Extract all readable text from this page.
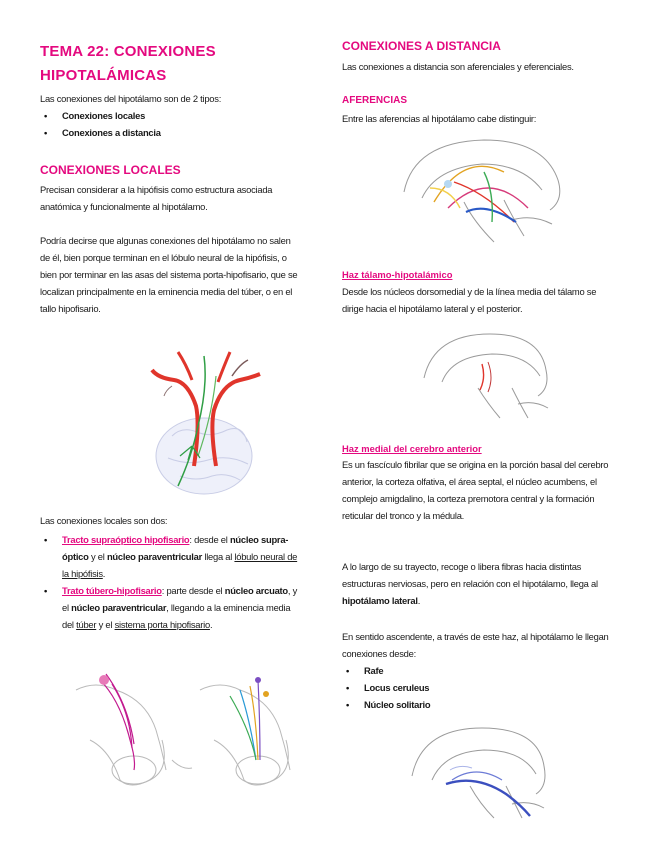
TEMA 22: CONEXIONES
HIPOTALÁMICAS
Las conexiones del hipotálamo son de 2 tipos:
• Conexiones locales
• Conexiones a distancia
CONEXIONES LOCALES
Precisan considerar a la hipófisis como estructura asociada anatómica y funcionalmente al hipotálamo.
Podría decirse que algunas conexiones del hipotálamo no salen de él, bien porque terminan en el lóbulo neural de la hipófisis, o bien por terminar en las asas del sistema porta-hipofisario, que se localizan principalmente en la eminencia media del túber, o en el tallo hipofisario.
Las conexiones locales son dos:
• Tracto supraóptico hipofisario: desde el núcleo supra-óptico y el núcleo paraventricular llega al lóbulo neural de la hipófisis.
• Trato túbero-hipofisario: parte desde el núcleo arcuato, y el núcleo paraventricular, llegando a la eminencia media del túber y el sistema porta hipofisario.
CONEXIONES A DISTANCIA
Las conexiones a distancia son aferenciales y eferenciales.
AFERENCIAS
Entre las aferencias al hipotálamo cabe distinguir:
Haz tálamo-hipotalámico
Desde los núcleos dorsomedial y de la línea media del tálamo se dirige hacia el hipotálamo lateral y el posterior.
Haz medial del cerebro anterior
Es un fascículo fibrilar que se origina en la porción basal del cerebro anterior, la corteza olfativa, el área septal, el núcleo acumbens, el complejo amigdalino, la corteza premotora central y la formación reticular del tronco y la médula.
A lo largo de su trayecto, recoge o libera fibras hacia distintas estructuras nerviosas, pero en relación con el hipotálamo, llega al hipotálamo lateral.
En sentido ascendente, a través de este haz, al hipotálamo le llegan conexiones desde:
• Rafe
• Locus ceruleus
• Núcleo solitario
